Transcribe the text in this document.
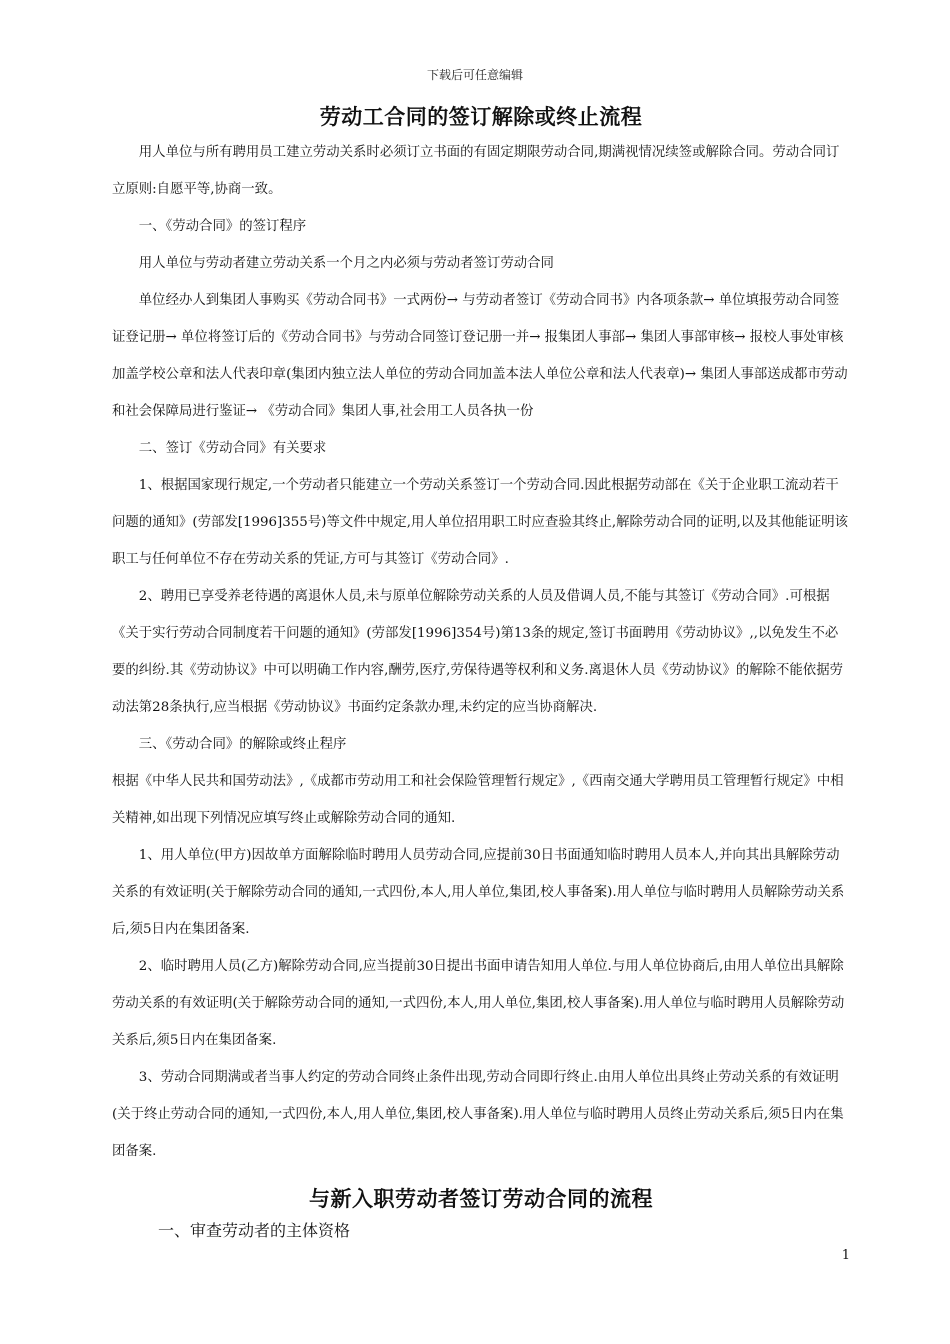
下载后可任意编辑
劳动工合同的签订解除或终止流程

用人单位与所有聘用员工建立劳动关系时必须订立书面的有固定期限劳动合同,期满视情况续签或解除合同。劳动合同订立原则:自愿平等,协商一致。

一、《劳动合同》的签订程序

用人单位与劳动者建立劳动关系一个月之内必须与劳动者签订劳动合同

单位经办人到集团人事购买《劳动合同书》一式两份→ 与劳动者签订《劳动合同书》内各项条款→ 单位填报劳动合同签证登记册→ 单位将签订后的《劳动合同书》与劳动合同签订登记册一并→ 报集团人事部→ 集团人事部审核→ 报校人事处审核加盖学校公章和法人代表印章(集团内独立法人单位的劳动合同加盖本法人单位公章和法人代表章)→ 集团人事部送成都市劳动和社会保障局进行鉴证→ 《劳动合同》集团人事,社会用工人员各执一份

二、签订《劳动合同》有关要求

1、根据国家现行规定,一个劳动者只能建立一个劳动关系签订一个劳动合同.因此根据劳动部在《关于企业职工流动若干问题的通知》(劳部发[1996]355号)等文件中规定,用人单位招用职工时应查验其终止,解除劳动合同的证明,以及其他能证明该职工与任何单位不存在劳动关系的凭证,方可与其签订《劳动合同》.

2、聘用已享受养老待遇的离退休人员,未与原单位解除劳动关系的人员及借调人员,不能与其签订《劳动合同》.可根据《关于实行劳动合同制度若干问题的通知》(劳部发[1996]354号)第13条的规定,签订书面聘用《劳动协议》,,以免发生不必要的纠纷.其《劳动协议》中可以明确工作内容,酬劳,医疗,劳保待遇等权利和义务.离退休人员《劳动协议》的解除不能依据劳动法第28条执行,应当根据《劳动协议》书面约定条款办理,未约定的应当协商解决.

三、《劳动合同》的解除或终止程序

根据《中华人民共和国劳动法》,《成都市劳动用工和社会保险管理暂行规定》,《西南交通大学聘用员工管理暂行规定》中相关精神,如出现下列情况应填写终止或解除劳动合同的通知.

1、用人单位(甲方)因故单方面解除临时聘用人员劳动合同,应提前30日书面通知临时聘用人员本人,并向其出具解除劳动关系的有效证明(关于解除劳动合同的通知,一式四份,本人,用人单位,集团,校人事备案).用人单位与临时聘用人员解除劳动关系后,须5日内在集团备案.

2、临时聘用人员(乙方)解除劳动合同,应当提前30日提出书面申请告知用人单位.与用人单位协商后,由用人单位出具解除劳动关系的有效证明(关于解除劳动合同的通知,一式四份,本人,用人单位,集团,校人事备案).用人单位与临时聘用人员解除劳动关系后,须5日内在集团备案.

3、劳动合同期满或者当事人约定的劳动合同终止条件出现,劳动合同即行终止.由用人单位出具终止劳动关系的有效证明(关于终止劳动合同的通知,一式四份,本人,用人单位,集团,校人事备案).用人单位与临时聘用人员终止劳动关系后,须5日内在集团备案.

与新入职劳动者签订劳动合同的流程

一、审查劳动者的主体资格

1
